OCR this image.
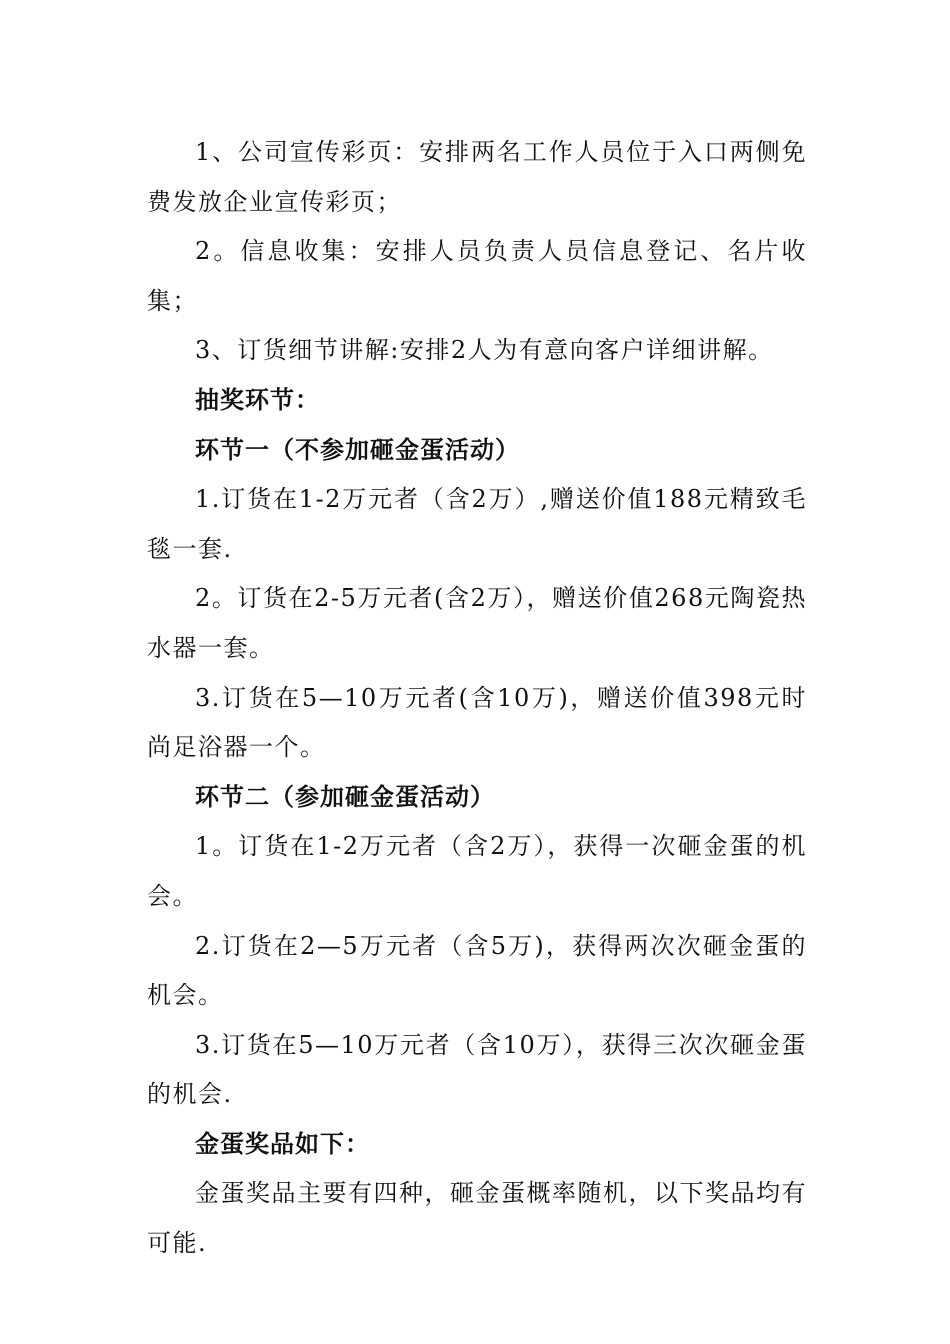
1、公司宣传彩页：安排两名工作人员位于入口两侧免费发放企业宣传彩页；

2。信息收集：安排人员负责人员信息登记、名片收集；

3、订货细节讲解:安排2人为有意向客户详细讲解。

抽奖环节：

环节一（不参加砸金蛋活动）

1.订货在1-2万元者（含2万）,赠送价值188元精致毛毯一套.

2。订货在2-5万元者(含2万），赠送价值268元陶瓷热水器一套。

3.订货在5—10万元者(含10万)，赠送价值398元时尚足浴器一个。

环节二（参加砸金蛋活动）

1。订货在1-2万元者（含2万），获得一次砸金蛋的机会。

2.订货在2—5万元者（含5万)，获得两次次砸金蛋的机会。

3.订货在5—10万元者（含10万），获得三次次砸金蛋的机会.

金蛋奖品如下：

金蛋奖品主要有四种，砸金蛋概率随机，以下奖品均有可能.
